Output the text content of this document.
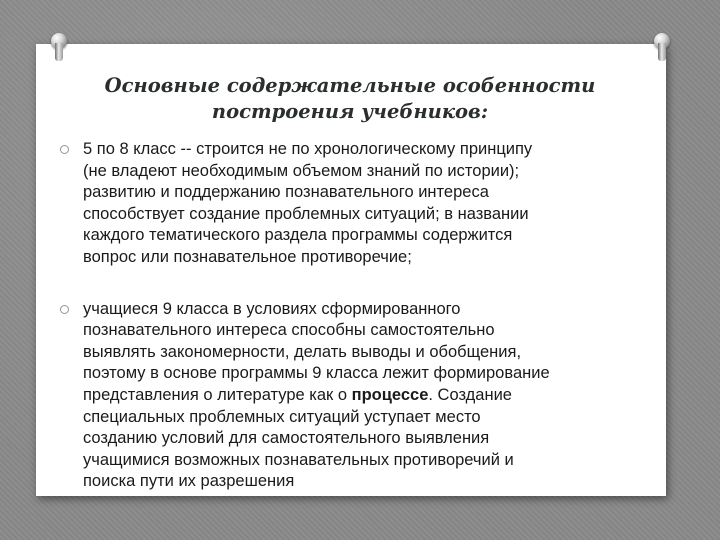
Основные содержательные особенности
построения учебников:
5 по 8 класс -- строится не по хронологическому принципу
(не владеют необходимым объемом знаний по истории);
развитию и поддержанию познавательного интереса
способствует создание проблемных ситуаций; в названии
каждого тематического раздела программы содержится
вопрос или познавательное противоречие;
учащиеся 9 класса в условиях сформированного
познавательного интереса способны самостоятельно
выявлять закономерности, делать выводы и обобщения,
поэтому в основе программы 9 класса лежит формирование
представления о литературе как о процессе. Создание
специальных проблемных ситуаций уступает место
созданию условий для самостоятельного выявления
учащимися возможных познавательных противоречий и
поиска пути их разрешения
